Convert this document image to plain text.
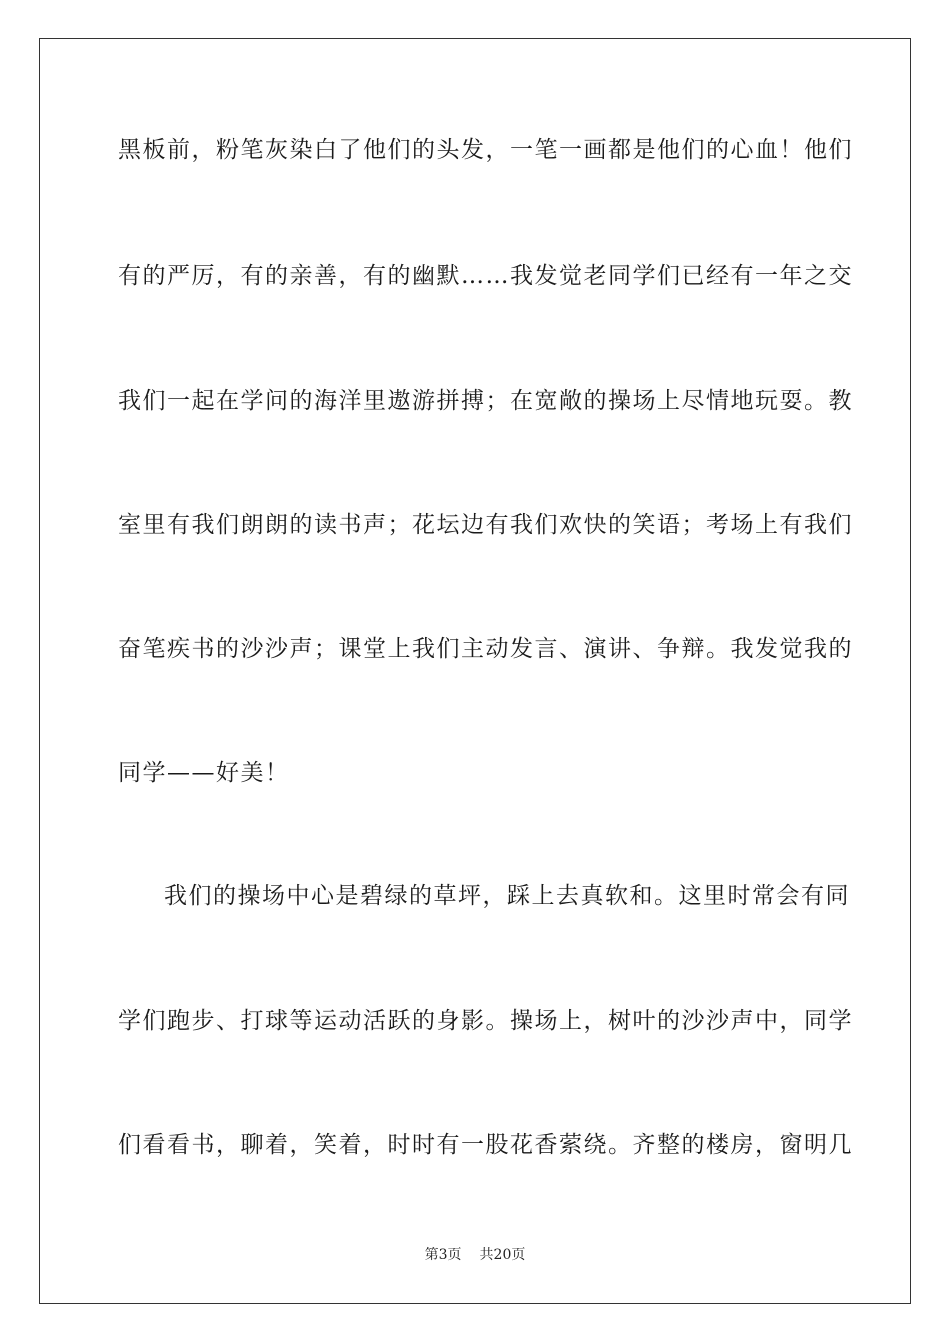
黑板前，粉笔灰染白了他们的头发，一笔一画都是他们的心血！他们
有的严厉，有的亲善，有的幽默……我发觉老同学们已经有一年之交
我们一起在学问的海洋里遨游拼搏；在宽敞的操场上尽情地玩耍。教
室里有我们朗朗的读书声；花坛边有我们欢快的笑语；考场上有我们
奋笔疾书的沙沙声；课堂上我们主动发言、演讲、争辩。我发觉我的
同学——好美！
我们的操场中心是碧绿的草坪，踩上去真软和。这里时常会有同
学们跑步、打球等运动活跃的身影。操场上，树叶的沙沙声中，同学
们看看书，聊着，笑着，时时有一股花香萦绕。齐整的楼房，窗明几
第3页 共20页
